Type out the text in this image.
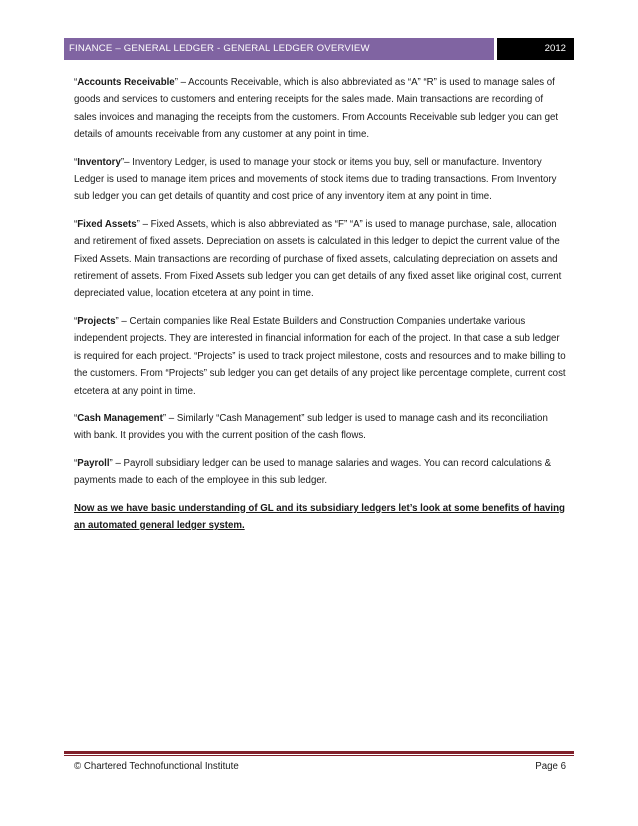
FINANCE – GENERAL LEDGER - GENERAL LEDGER OVERVIEW	2012

“Accounts Receivable” – Accounts Receivable, which is also abbreviated as “A” “R” is used to manage sales of goods and services to customers and entering receipts for the sales made. Main transactions are recording of sales invoices and managing the receipts from the customers. From Accounts Receivable sub ledger you can get details of amounts receivable from any customer at any point in time.

“Inventory”– Inventory Ledger, is used to manage your stock or items you buy, sell or manufacture. Inventory Ledger is used to manage item prices and movements of stock items due to trading transactions. From Inventory sub ledger you can get details of quantity and cost price of any inventory item at any point in time.

“Fixed Assets” – Fixed Assets, which is also abbreviated as “F” “A” is used to manage purchase, sale, allocation and retirement of fixed assets. Depreciation on assets is calculated in this ledger to depict the current value of the Fixed Assets. Main transactions are recording of purchase of fixed assets, calculating depreciation on assets and retirement of assets. From Fixed Assets sub ledger you can get details of any fixed asset like original cost, current depreciated value, location etcetera at any point in time.

“Projects” – Certain companies like Real Estate Builders and Construction Companies undertake various independent projects. They are interested in financial information for each of the project. In that case a sub ledger is required for each project. “Projects” is used to track project milestone, costs and resources and to make billing to the customers. From “Projects” sub ledger you can get details of any project like percentage complete, current cost etcetera at any point in time.

“Cash Management” – Similarly “Cash Management” sub ledger is used to manage cash and its reconciliation with bank. It provides you with the current position of the cash flows.

“Payroll” – Payroll subsidiary ledger can be used to manage salaries and wages. You can record calculations & payments made to each of the employee in this sub ledger.

Now as we have basic understanding of GL and its subsidiary ledgers let’s look at some benefits of having an automated general ledger system.

© Chartered Technofunctional Institute	Page 6
